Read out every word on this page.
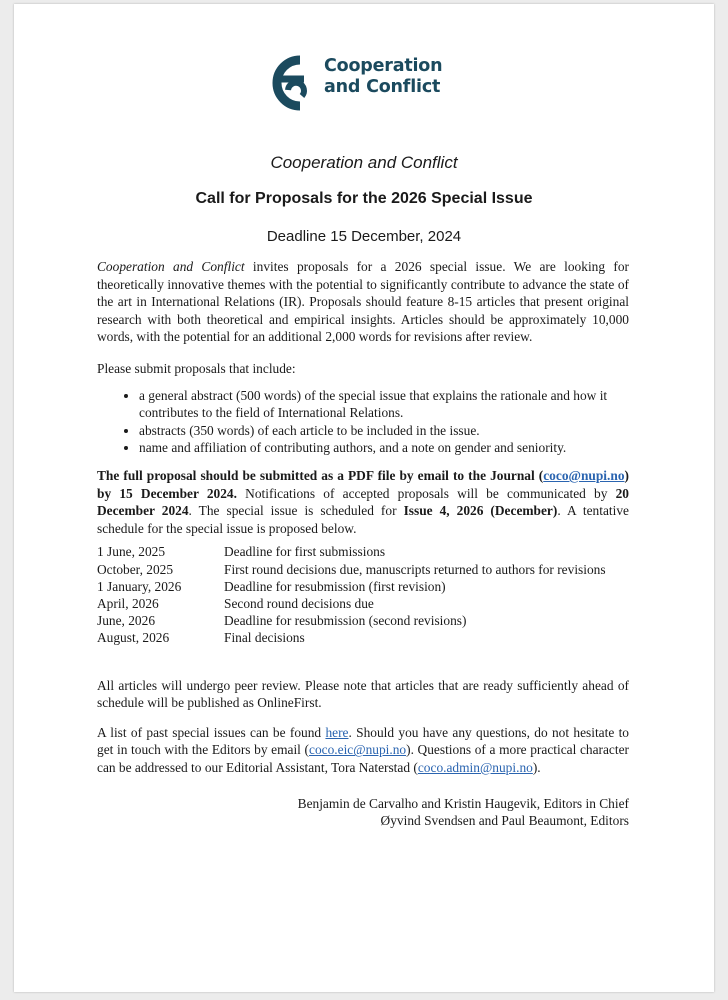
Cooperation
and Conflict
Cooperation and Conflict
Call for Proposals for the 2026 Special Issue
Deadline 15 December, 2024

Cooperation and Conflict invites proposals for a 2026 special issue. We are looking for theoretically innovative themes with the potential to significantly contribute to advance the state of the art in International Relations (IR). Proposals should feature 8-15 articles that present original research with both theoretical and empirical insights. Articles should be approximately 10,000 words, with the potential for an additional 2,000 words for revisions after review.

Please submit proposals that include:

• a general abstract (500 words) of the special issue that explains the rationale and how it contributes to the field of International Relations.
• abstracts (350 words) of each article to be included in the issue.
• name and affiliation of contributing authors, and a note on gender and seniority.

The full proposal should be submitted as a PDF file by email to the Journal (coco@nupi.no) by 15 December 2024. Notifications of accepted proposals will be communicated by 20 December 2024. The special issue is scheduled for Issue 4, 2026 (December). A tentative schedule for the special issue is proposed below.

1 June, 2025	Deadline for first submissions
October, 2025	First round decisions due, manuscripts returned to authors for revisions
1 January, 2026	Deadline for resubmission (first revision)
April, 2026	Second round decisions due
June, 2026	Deadline for resubmission (second revisions)
August, 2026	Final decisions

All articles will undergo peer review. Please note that articles that are ready sufficiently ahead of schedule will be published as OnlineFirst.

A list of past special issues can be found here. Should you have any questions, do not hesitate to get in touch with the Editors by email (coco.eic@nupi.no). Questions of a more practical character can be addressed to our Editorial Assistant, Tora Naterstad (coco.admin@nupi.no).

Benjamin de Carvalho and Kristin Haugevik, Editors in Chief
Øyvind Svendsen and Paul Beaumont, Editors
